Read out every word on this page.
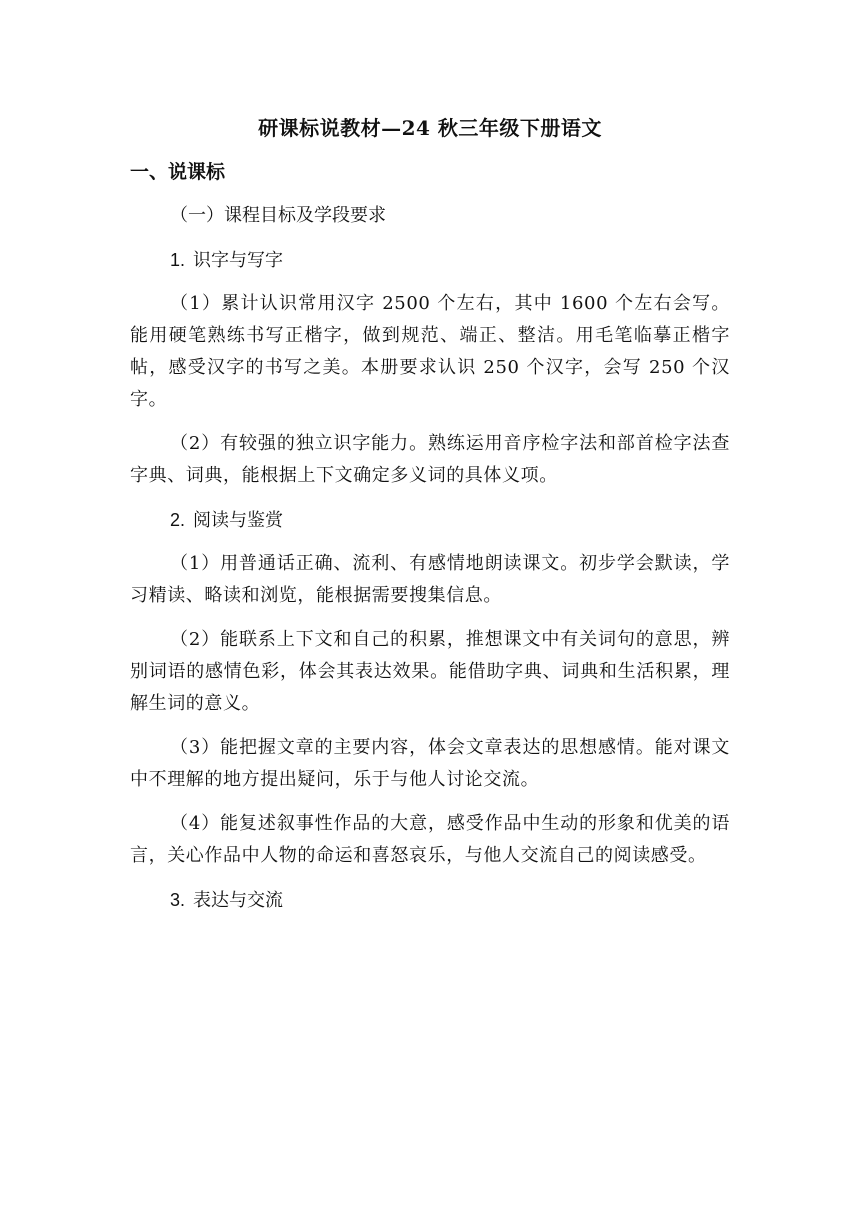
研课标说教材—24 秋三年级下册语文
一、说课标
（一）课程目标及学段要求
1. 识字与写字

（1）累计认识常用汉字 2500 个左右，其中 1600 个左右会写。能用硬笔熟练书写正楷字，做到规范、端正、整洁。用毛笔临摹正楷字帖，感受汉字的书写之美。本册要求认识 250 个汉字，会写 250 个汉字。

（2）有较强的独立识字能力。熟练运用音序检字法和部首检字法查字典、词典，能根据上下文确定多义词的具体义项。

2. 阅读与鉴赏

（1）用普通话正确、流利、有感情地朗读课文。初步学会默读，学习精读、略读和浏览，能根据需要搜集信息。

（2）能联系上下文和自己的积累，推想课文中有关词句的意思，辨别词语的感情色彩，体会其表达效果。能借助字典、词典和生活积累，理解生词的意义。

（3）能把握文章的主要内容，体会文章表达的思想感情。能对课文中不理解的地方提出疑问，乐于与他人讨论交流。

（4）能复述叙事性作品的大意，感受作品中生动的形象和优美的语言，关心作品中人物的命运和喜怒哀乐，与他人交流自己的阅读感受。

3. 表达与交流
